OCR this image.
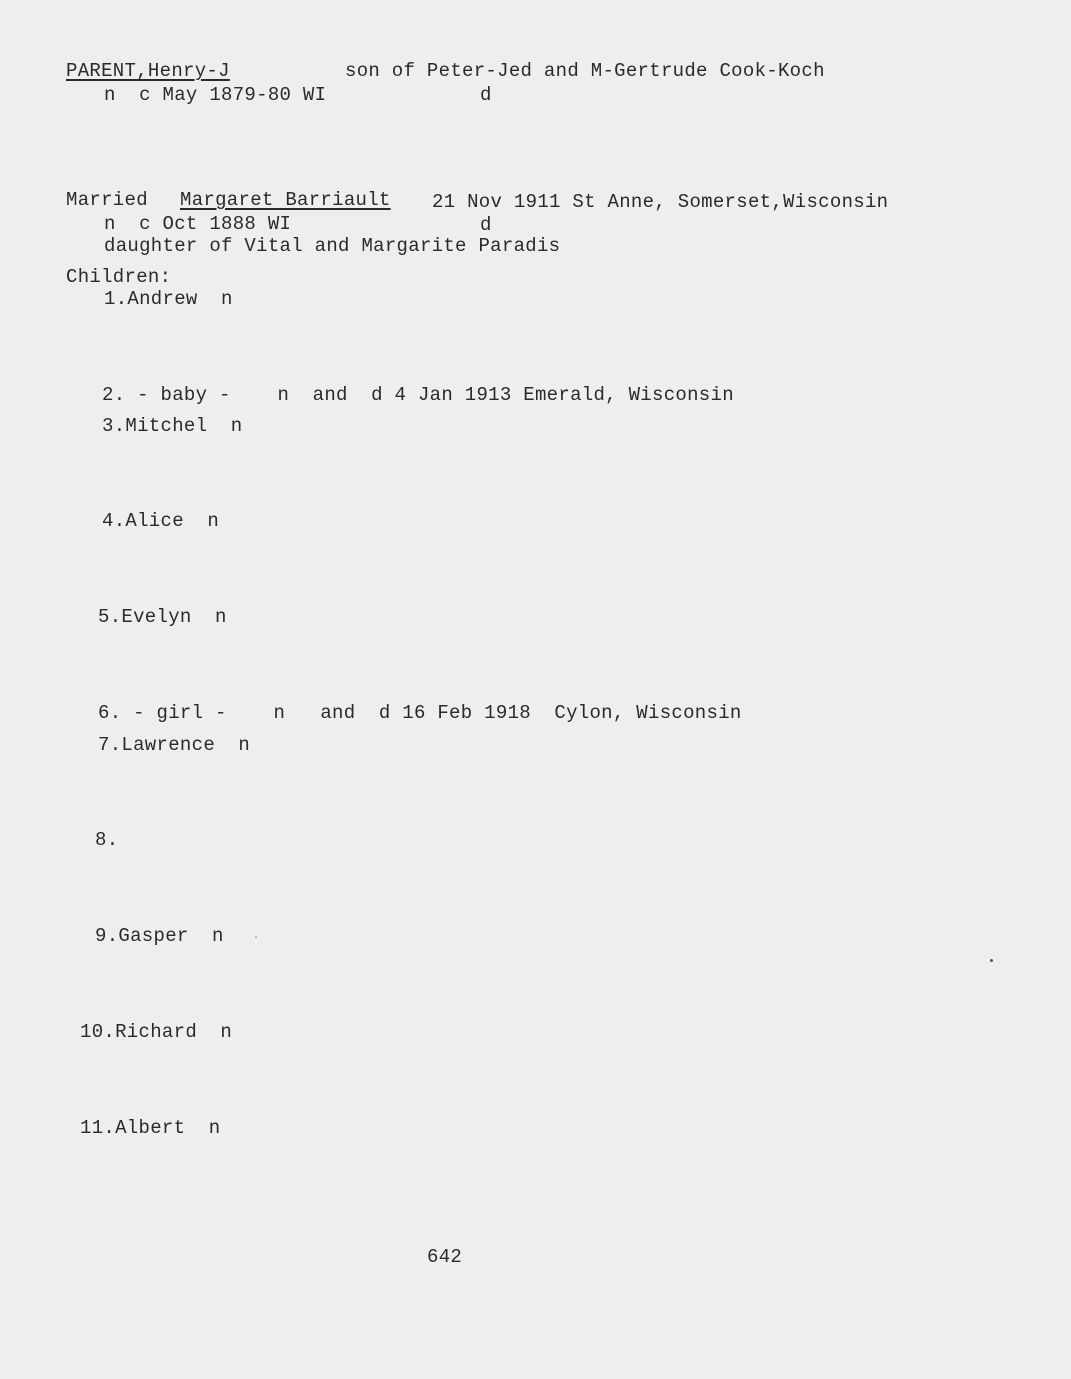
PARENT,Henry-J	son of Peter-Jed and M-Gertrude Cook-Koch
n  c May 1879-80 WI	d
Married Margaret Barriault 21 Nov 1911 St Anne, Somerset,Wisconsin
n  c Oct 1888 WI	d
daughter of Vital and Margarite Paradis
Children:
1.Andrew  n
2. - baby -    n  and  d 4 Jan 1913 Emerald, Wisconsin
3.Mitchel  n
4.Alice  n
5.Evelyn  n
6. - girl -    n   and  d 16 Feb 1918  Cylon, Wisconsin
7.Lawrence  n
8.
9.Gasper  n
10.Richard  n
11.Albert  n
642
